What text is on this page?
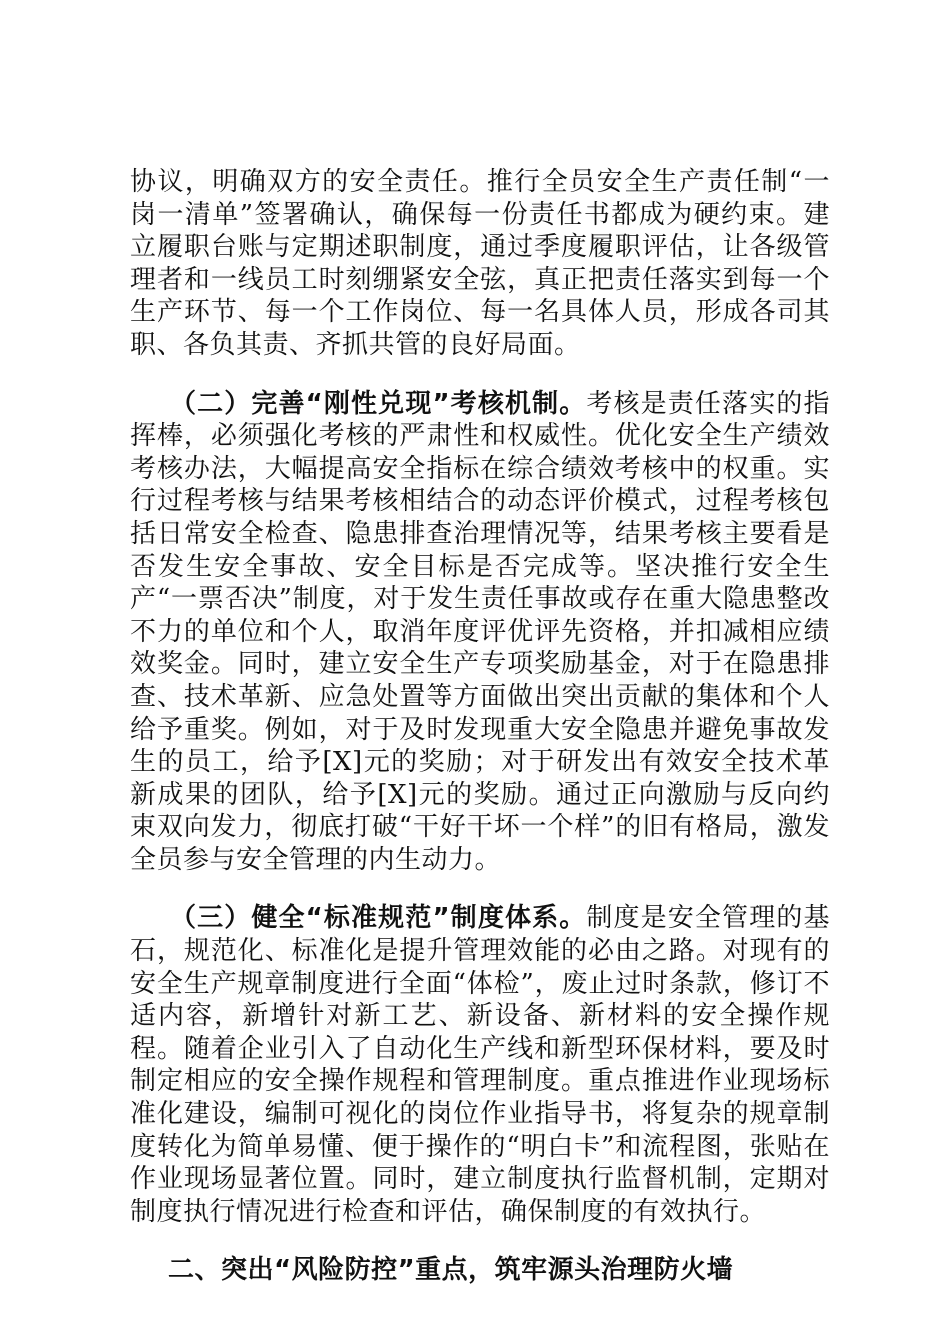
协议，明确双方的安全责任。推行全员安全生产责任制“一岗一清单”签署确认，确保每一份责任书都成为硬约束。建立履职台账与定期述职制度，通过季度履职评估，让各级管理者和一线员工时刻绷紧安全弦，真正把责任落实到每一个生产环节、每一个工作岗位、每一名具体人员，形成各司其职、各负其责、齐抓共管的良好局面。

（二）完善“刚性兑现”考核机制。考核是责任落实的指挥棒，必须强化考核的严肃性和权威性。优化安全生产绩效考核办法，大幅提高安全指标在综合绩效考核中的权重。实行过程考核与结果考核相结合的动态评价模式，过程考核包括日常安全检查、隐患排查治理情况等，结果考核主要看是否发生安全事故、安全目标是否完成等。坚决推行安全生产“一票否决”制度，对于发生责任事故或存在重大隐患整改不力的单位和个人，取消年度评优评先资格，并扣减相应绩效奖金。同时，建立安全生产专项奖励基金，对于在隐患排查、技术革新、应急处置等方面做出突出贡献的集体和个人给予重奖。例如，对于及时发现重大安全隐患并避免事故发生的员工，给予[X]元的奖励；对于研发出有效安全技术革新成果的团队，给予[X]元的奖励。通过正向激励与反向约束双向发力，彻底打破“干好干坏一个样”的旧有格局，激发全员参与安全管理的内生动力。

（三）健全“标准规范”制度体系。制度是安全管理的基石，规范化、标准化是提升管理效能的必由之路。对现有的安全生产规章制度进行全面“体检”，废止过时条款，修订不适内容，新增针对新工艺、新设备、新材料的安全操作规程。随着企业引入了自动化生产线和新型环保材料，要及时制定相应的安全操作规程和管理制度。重点推进作业现场标准化建设，编制可视化的岗位作业指导书，将复杂的规章制度转化为简单易懂、便于操作的“明白卡”和流程图，张贴在作业现场显著位置。同时，建立制度执行监督机制，定期对制度执行情况进行检查和评估，确保制度的有效执行。

二、突出“风险防控”重点，筑牢源头治理防火墙
